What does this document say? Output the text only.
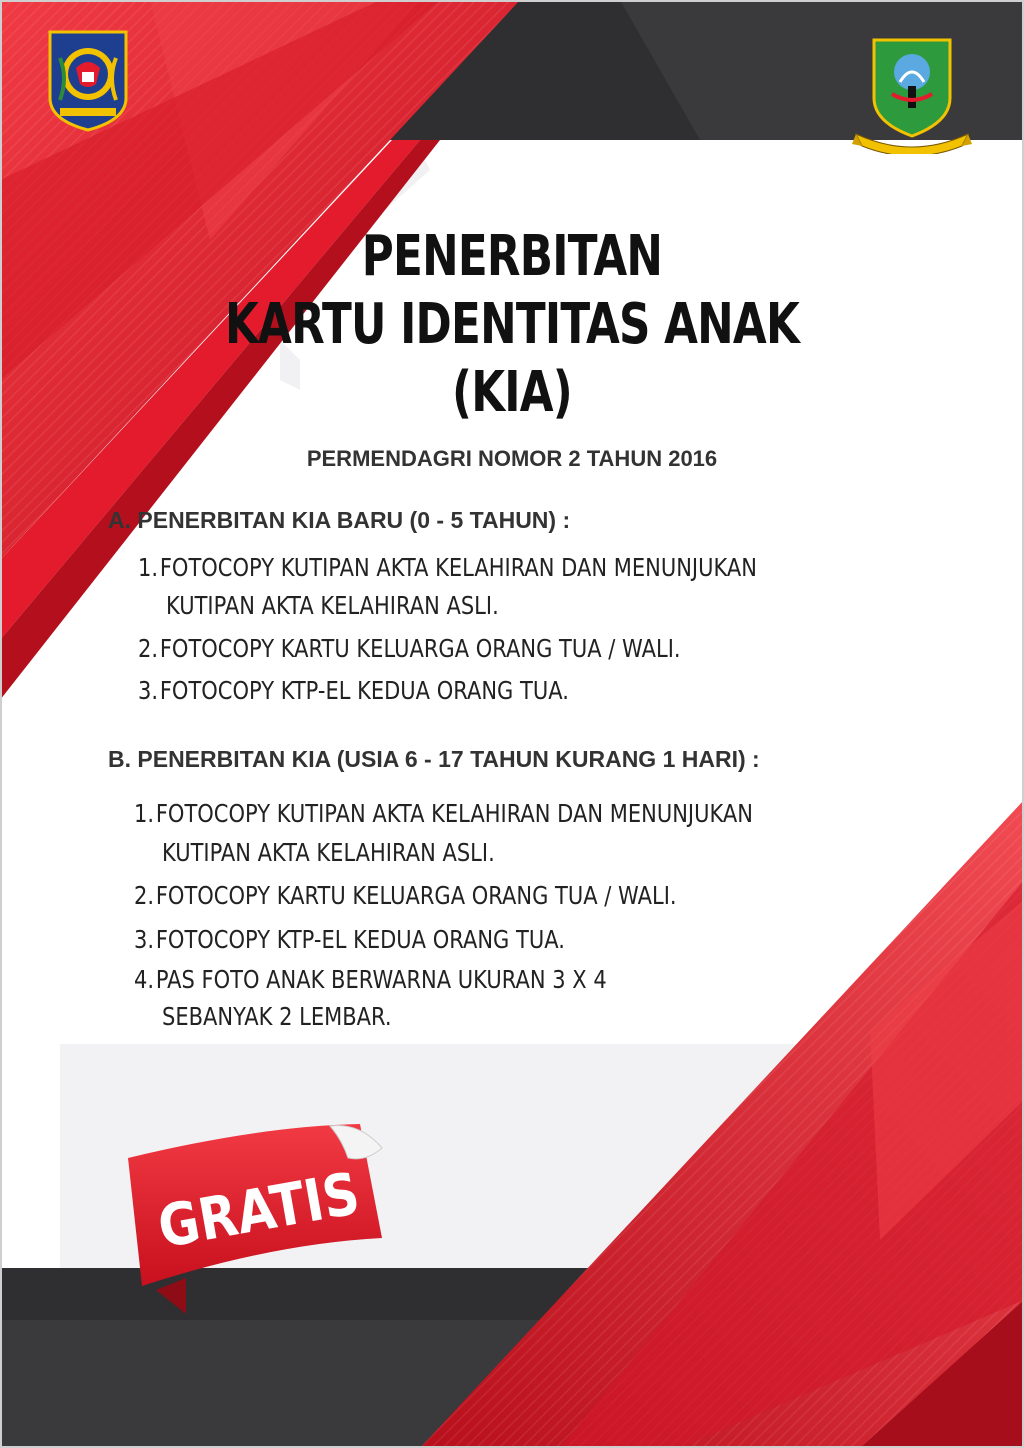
PENERBITAN
KARTU IDENTITAS ANAK
(KIA)
PERMENDAGRI NOMOR 2 TAHUN 2016
A. PENERBITAN KIA BARU (0 - 5 TAHUN) :
1.FOTOCOPY KUTIPAN AKTA KELAHIRAN DAN MENUNJUKAN
KUTIPAN AKTA KELAHIRAN ASLI.
2.FOTOCOPY KARTU KELUARGA ORANG TUA / WALI.
3.FOTOCOPY KTP-EL KEDUA ORANG TUA.
B. PENERBITAN KIA (USIA 6 - 17 TAHUN KURANG 1 HARI) :
1.FOTOCOPY KUTIPAN AKTA KELAHIRAN DAN MENUNJUKAN
KUTIPAN AKTA KELAHIRAN ASLI.
2.FOTOCOPY KARTU KELUARGA ORANG TUA / WALI.
3.FOTOCOPY KTP-EL KEDUA ORANG TUA.
4.PAS FOTO ANAK BERWARNA UKURAN 3 X 4
SEBANYAK 2 LEMBAR.
GRATIS
